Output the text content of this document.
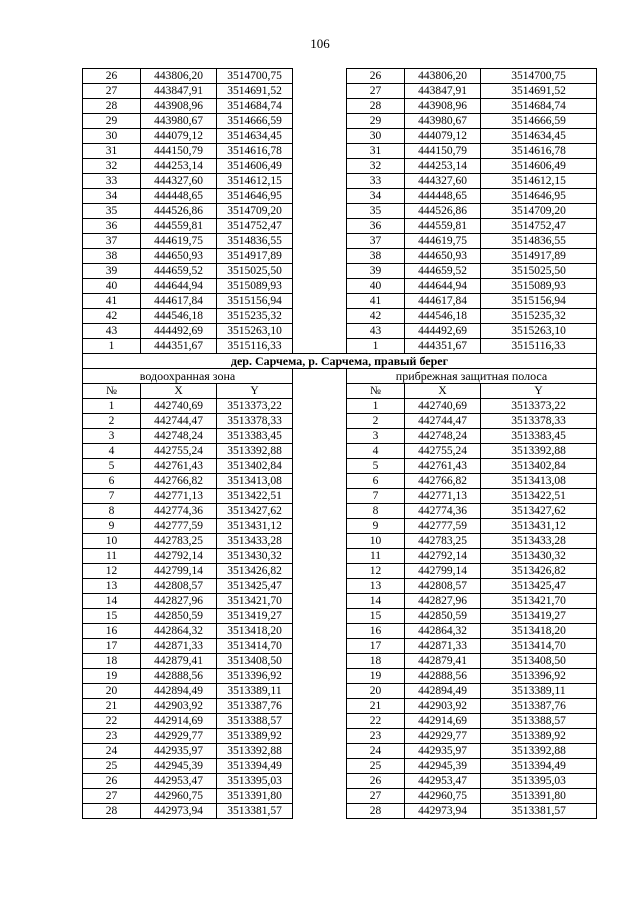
106
26	443806,20	3514700,75		26	443806,20	3514700,75
27	443847,91	3514691,52		27	443847,91	3514691,52
28	443908,96	3514684,74		28	443908,96	3514684,74
29	443980,67	3514666,59		29	443980,67	3514666,59
30	444079,12	3514634,45		30	444079,12	3514634,45
31	444150,79	3514616,78		31	444150,79	3514616,78
32	444253,14	3514606,49		32	444253,14	3514606,49
33	444327,60	3514612,15		33	444327,60	3514612,15
34	444448,65	3514646,95		34	444448,65	3514646,95
35	444526,86	3514709,20		35	444526,86	3514709,20
36	444559,81	3514752,47		36	444559,81	3514752,47
37	444619,75	3514836,55		37	444619,75	3514836,55
38	444650,93	3514917,89		38	444650,93	3514917,89
39	444659,52	3515025,50		39	444659,52	3515025,50
40	444644,94	3515089,93		40	444644,94	3515089,93
41	444617,84	3515156,94		41	444617,84	3515156,94
42	444546,18	3515235,32		42	444546,18	3515235,32
43	444492,69	3515263,10		43	444492,69	3515263,10
1	444351,67	3515116,33		1	444351,67	3515116,33
дер. Сарчема, р. Сарчема, правый берег						
водоохранная зона				прибрежная защитная полоса		
№	X	Y		№	X	Y
1	442740,69	3513373,22		1	442740,69	3513373,22
2	442744,47	3513378,33		2	442744,47	3513378,33
3	442748,24	3513383,45		3	442748,24	3513383,45
4	442755,24	3513392,88		4	442755,24	3513392,88
5	442761,43	3513402,84		5	442761,43	3513402,84
6	442766,82	3513413,08		6	442766,82	3513413,08
7	442771,13	3513422,51		7	442771,13	3513422,51
8	442774,36	3513427,62		8	442774,36	3513427,62
9	442777,59	3513431,12		9	442777,59	3513431,12
10	442783,25	3513433,28		10	442783,25	3513433,28
11	442792,14	3513430,32		11	442792,14	3513430,32
12	442799,14	3513426,82		12	442799,14	3513426,82
13	442808,57	3513425,47		13	442808,57	3513425,47
14	442827,96	3513421,70		14	442827,96	3513421,70
15	442850,59	3513419,27		15	442850,59	3513419,27
16	442864,32	3513418,20		16	442864,32	3513418,20
17	442871,33	3513414,70		17	442871,33	3513414,70
18	442879,41	3513408,50		18	442879,41	3513408,50
19	442888,56	3513396,92		19	442888,56	3513396,92
20	442894,49	3513389,11		20	442894,49	3513389,11
21	442903,92	3513387,76		21	442903,92	3513387,76
22	442914,69	3513388,57		22	442914,69	3513388,57
23	442929,77	3513389,92		23	442929,77	3513389,92
24	442935,97	3513392,88		24	442935,97	3513392,88
25	442945,39	3513394,49		25	442945,39	3513394,49
26	442953,47	3513395,03		26	442953,47	3513395,03
27	442960,75	3513391,80		27	442960,75	3513391,80
28	442973,94	3513381,57		28	442973,94	3513381,57
